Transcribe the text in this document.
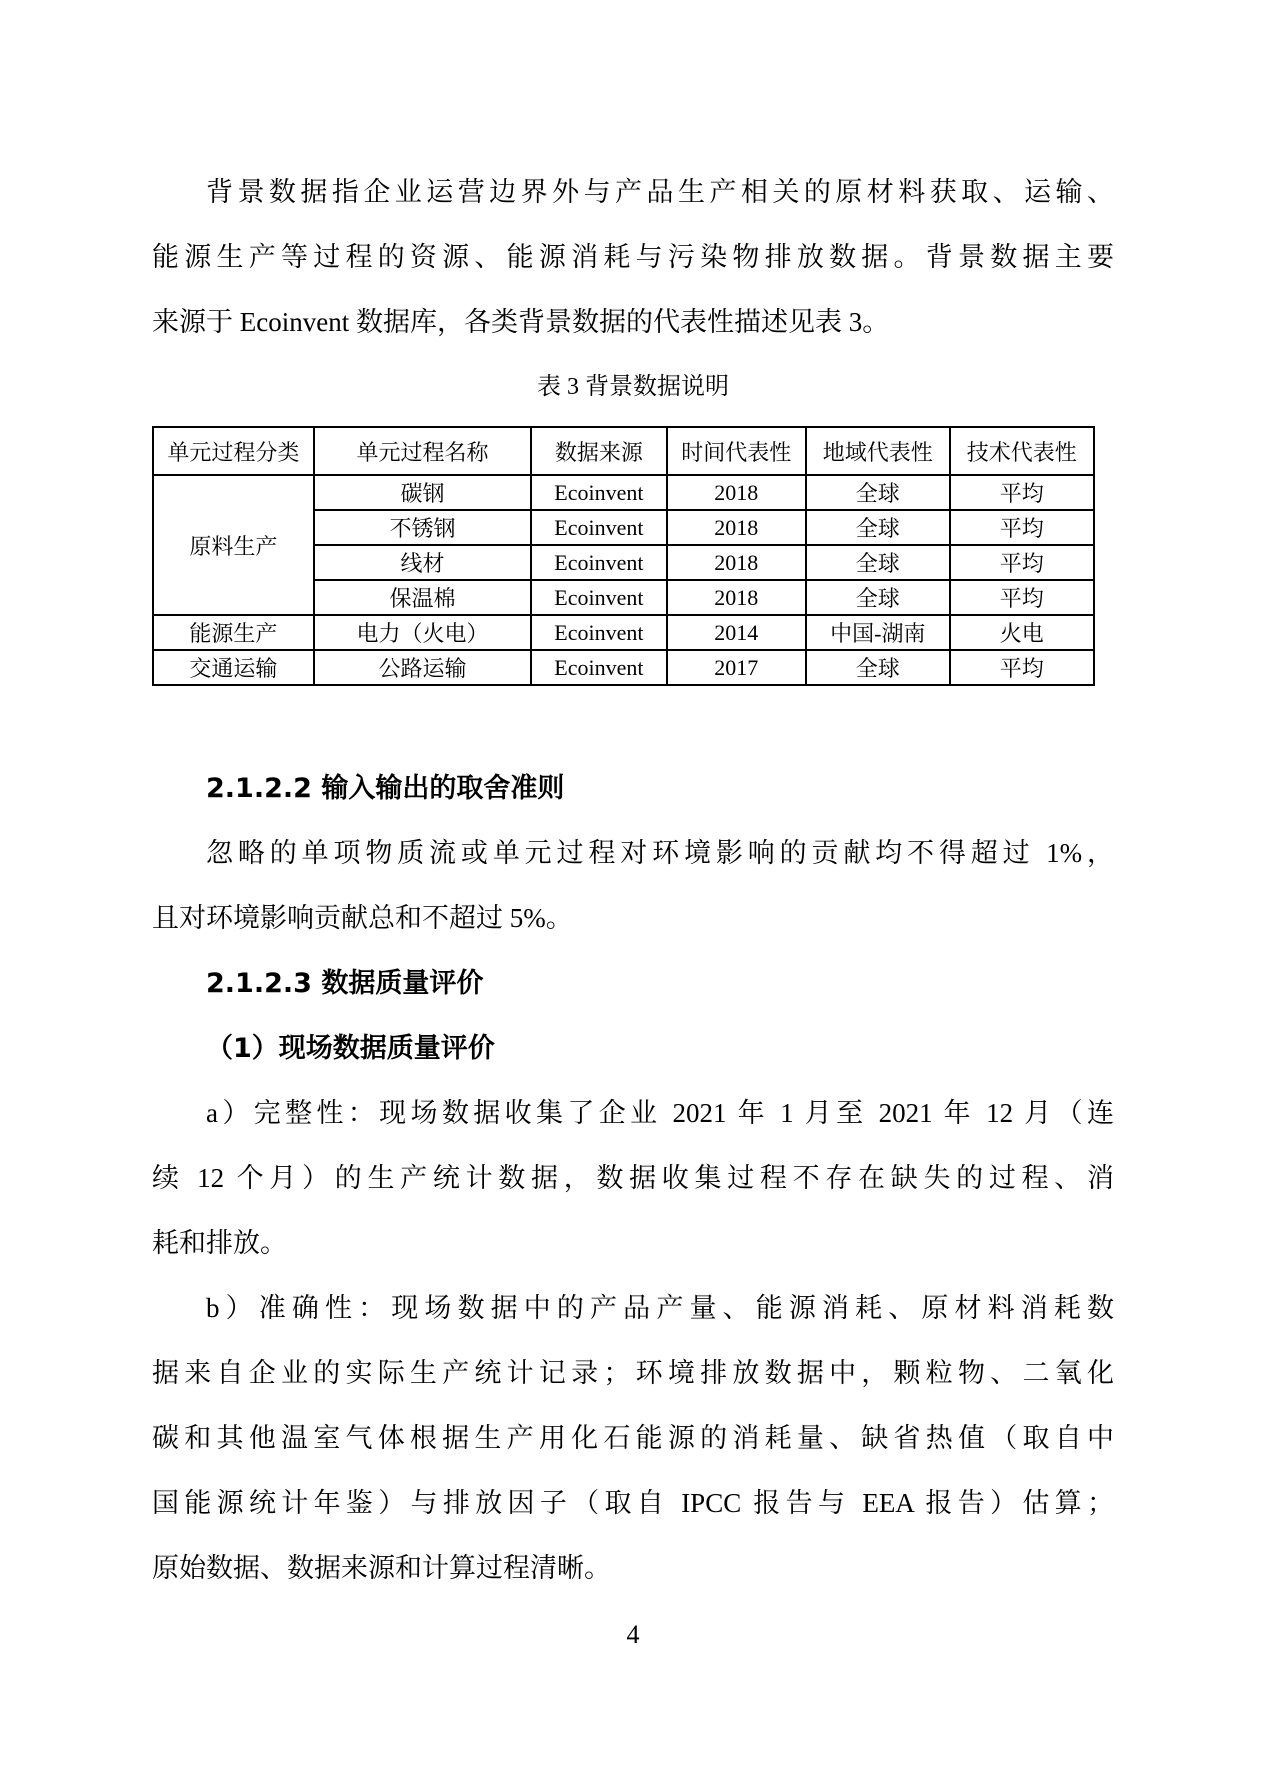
背景数据指企业运营边界外与产品生产相关的原材料获取、运输、
能源生产等过程的资源、能源消耗与污染物排放数据。背景数据主要
来源于 Ecoinvent 数据库，各类背景数据的代表性描述见表 3。
表 3 背景数据说明
单元过程分类	单元过程名称	数据来源	时间代表性	地域代表性	技术代表性
原料生产	碳钢	Ecoinvent	2018	全球	平均
	不锈钢	Ecoinvent	2018	全球	平均
	线材	Ecoinvent	2018	全球	平均
	保温棉	Ecoinvent	2018	全球	平均
能源生产	电力（火电）	Ecoinvent	2014	中国-湖南	火电
交通运输	公路运输	Ecoinvent	2017	全球	平均
2.1.2.2 输入输出的取舍准则
忽略的单项物质流或单元过程对环境影响的贡献均不得超过 1%，
且对环境影响贡献总和不超过 5%。
2.1.2.3 数据质量评价
（1）现场数据质量评价
a）完整性：现场数据收集了企业 2021 年 1 月至 2021 年 12 月（连
续 12 个月）的生产统计数据，数据收集过程不存在缺失的过程、消
耗和排放。
b）准确性：现场数据中的产品产量、能源消耗、原材料消耗数
据来自企业的实际生产统计记录；环境排放数据中，颗粒物、二氧化
碳和其他温室气体根据生产用化石能源的消耗量、缺省热值（取自中
国能源统计年鉴）与排放因子（取自 IPCC 报告与 EEA 报告）估算；
原始数据、数据来源和计算过程清晰。
4
